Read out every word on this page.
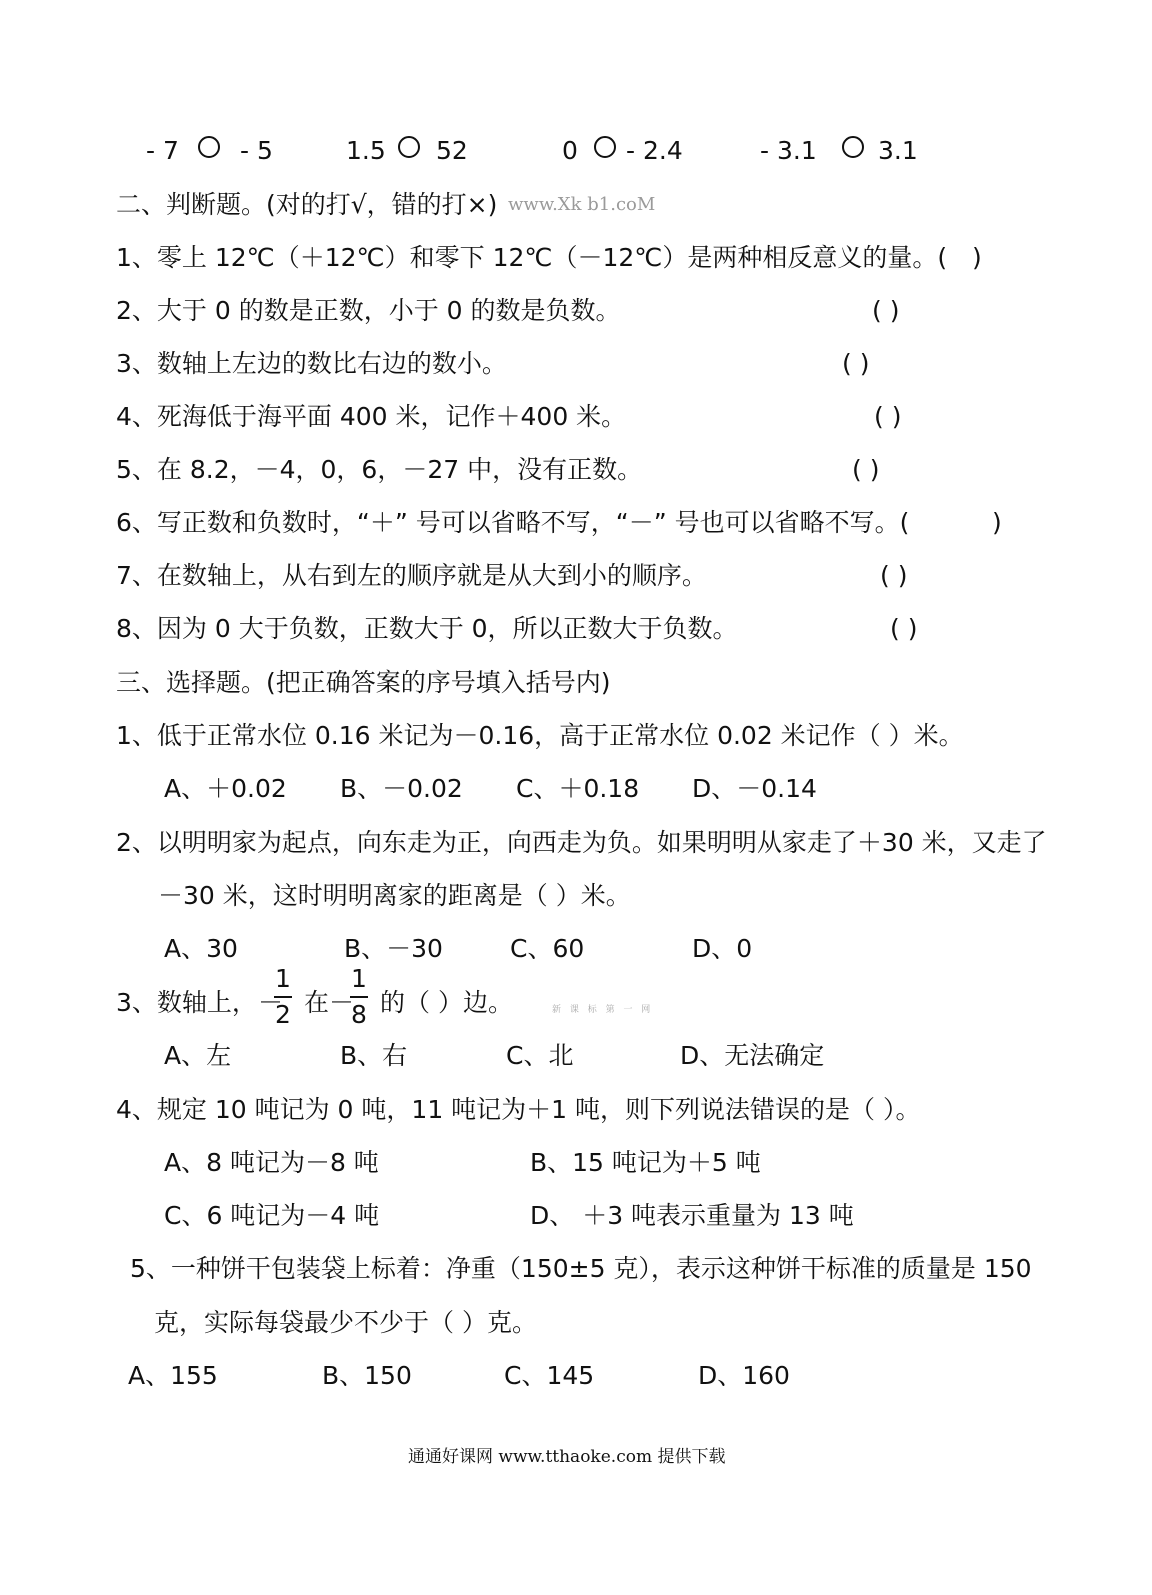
- 7 - 5	1.5 52	0 - 2.4	- 3.1 3.1
二、判断题。(对的打√，错的打×) www.Xk b1.coM
1、零上 12℃（＋12℃）和零下 12℃（－12℃）是两种相反意义的量。( )
2、大于 0 的数是正数，小于 0 的数是负数。	( )
3、数轴上左边的数比右边的数小。	( )
4、死海低于海平面 400 米，记作＋400 米。	( )
5、在 8.2，－4，0，6，－27 中，没有正数。	( )
6、写正数和负数时，“＋” 号可以省略不写，“－” 号也可以省略不写。(	)
7、在数轴上，从右到左的顺序就是从大到小的顺序。	( )
8、因为 0 大于负数，正数大于 0，所以正数大于负数。	( )
三、选择题。(把正确答案的序号填入括号内)
1、低于正常水位 0.16 米记为－0.16，高于正常水位 0.02 米记作（ ）米。
A、＋0.02 B、－0.02 C、＋0.18 D、－0.14
2、以明明家为起点，向东走为正，向西走为负。如果明明从家走了＋30 米，又走了
－30 米，这时明明离家的距离是（ ）米。
A、30	B、－30	C、60	D、0
3、数轴上， －
1
2 在－
1
8 的（ ）边。	新 课 标 第 一 网
A、左	B、右	C、北	D、无法确定
4、规定 10 吨记为 0 吨，11 吨记为＋1 吨，则下列说法错误的是（ ）。
A、8 吨记为－8 吨	B、15 吨记为＋5 吨
C、6 吨记为－4 吨	D、 ＋3 吨表示重量为 13 吨
5、一种饼干包装袋上标着：净重（150±5 克），表示这种饼干标准的质量是 150
克，实际每袋最少不少于（ ）克。
A、155	B、150	C、145	D、160
通通好课网 www.tthaoke.com 提供下载
